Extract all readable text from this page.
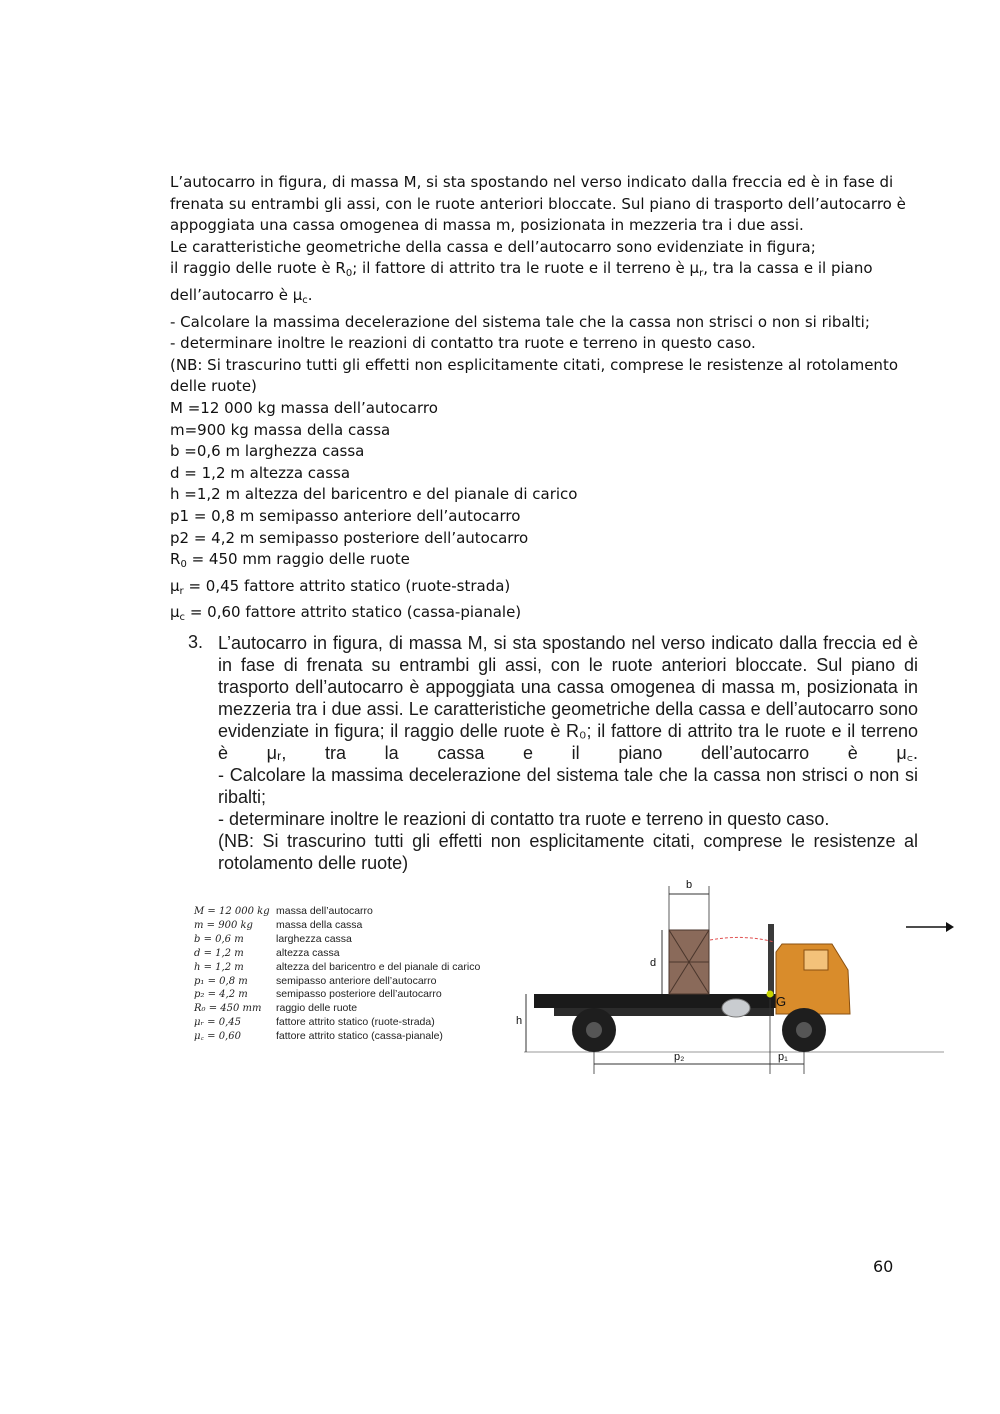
L’autocarro in figura, di massa M, si sta spostando nel verso indicato dalla freccia ed è in fase di

frenata su entrambi gli assi, con le ruote anteriori bloccate. Sul piano di trasporto dell’autocarro è

appoggiata una cassa omogenea di massa m, posizionata in mezzeria tra i due assi.

Le caratteristiche geometriche della cassa e dell’autocarro sono evidenziate in figura;

il raggio delle ruote è $R_0$; il fattore di attrito tra le ruote e il terreno è $\mu_r$, tra la cassa e il piano

dell’autocarro è $\mu_c$.

- Calcolare la massima decelerazione del sistema tale che la cassa non strisci o non si ribalti;

- determinare inoltre le reazioni di contatto tra ruote e terreno in questo caso.

(NB: Si trascurino tutti gli effetti non esplicitamente citati, comprese le resistenze al rotolamento

delle ruote)

M =12 000 kg massa dell’autocarro

m=900 kg massa della cassa

b =0,6 m larghezza cassa

d = 1,2 m altezza cassa

h =1,2 m altezza del baricentro e del pianale di carico

p1 = 0,8 m semipasso anteriore dell’autocarro

p2 = 4,2 m semipasso posteriore dell’autocarro

$R_0 = 450$ mm raggio delle ruote

$\mu_r = 0,45$ fattore attrito statico (ruote-strada)

$\mu_c = 0,60$ fattore attrito statico (cassa-pianale)

3. L’autocarro in figura, di massa M, si sta spostando nel verso indicato dalla freccia ed è in fase di frenata su entrambi gli assi, con le ruote anteriori bloccate. Sul piano di trasporto dell’autocarro è appoggiata una cassa omogenea di massa m, posizionata in mezzeria tra i due assi. Le caratteristiche geometriche della cassa e dell’autocarro sono evidenziate in figura; il raggio delle ruote è R₀; il fattore di attrito tra le ruote e il terreno è μᵣ, tra la cassa e il piano dell’autocarro è μ꜀.

- Calcolare la massima decelerazione del sistema tale che la cassa non strisci o non si ribalti;

- determinare inoltre le reazioni di contatto tra ruote e terreno in questo caso.

(NB: Si trascurino tutti gli effetti non esplicitamente citati, comprese le resistenze al rotolamento delle ruote)

M = 12 000 kg massa dell’autocarro
m = 900 kg	massa della cassa
b = 0,6 m	larghezza cassa
d = 1,2 m	altezza cassa
h = 1,2 m	altezza del baricentro e del pianale di carico
p₁ = 0,8 m	semipasso anteriore dell’autocarro
p₂ = 4,2 m	semipasso posteriore dell’autocarro
R₀ = 450 mm	raggio delle ruote
μᵣ = 0,45	fattore attrito statico (ruote-strada)
μ꜀ = 0,60	fattore attrito statico (cassa-pianale)
G
b
d
h
p₂	p₁
60
